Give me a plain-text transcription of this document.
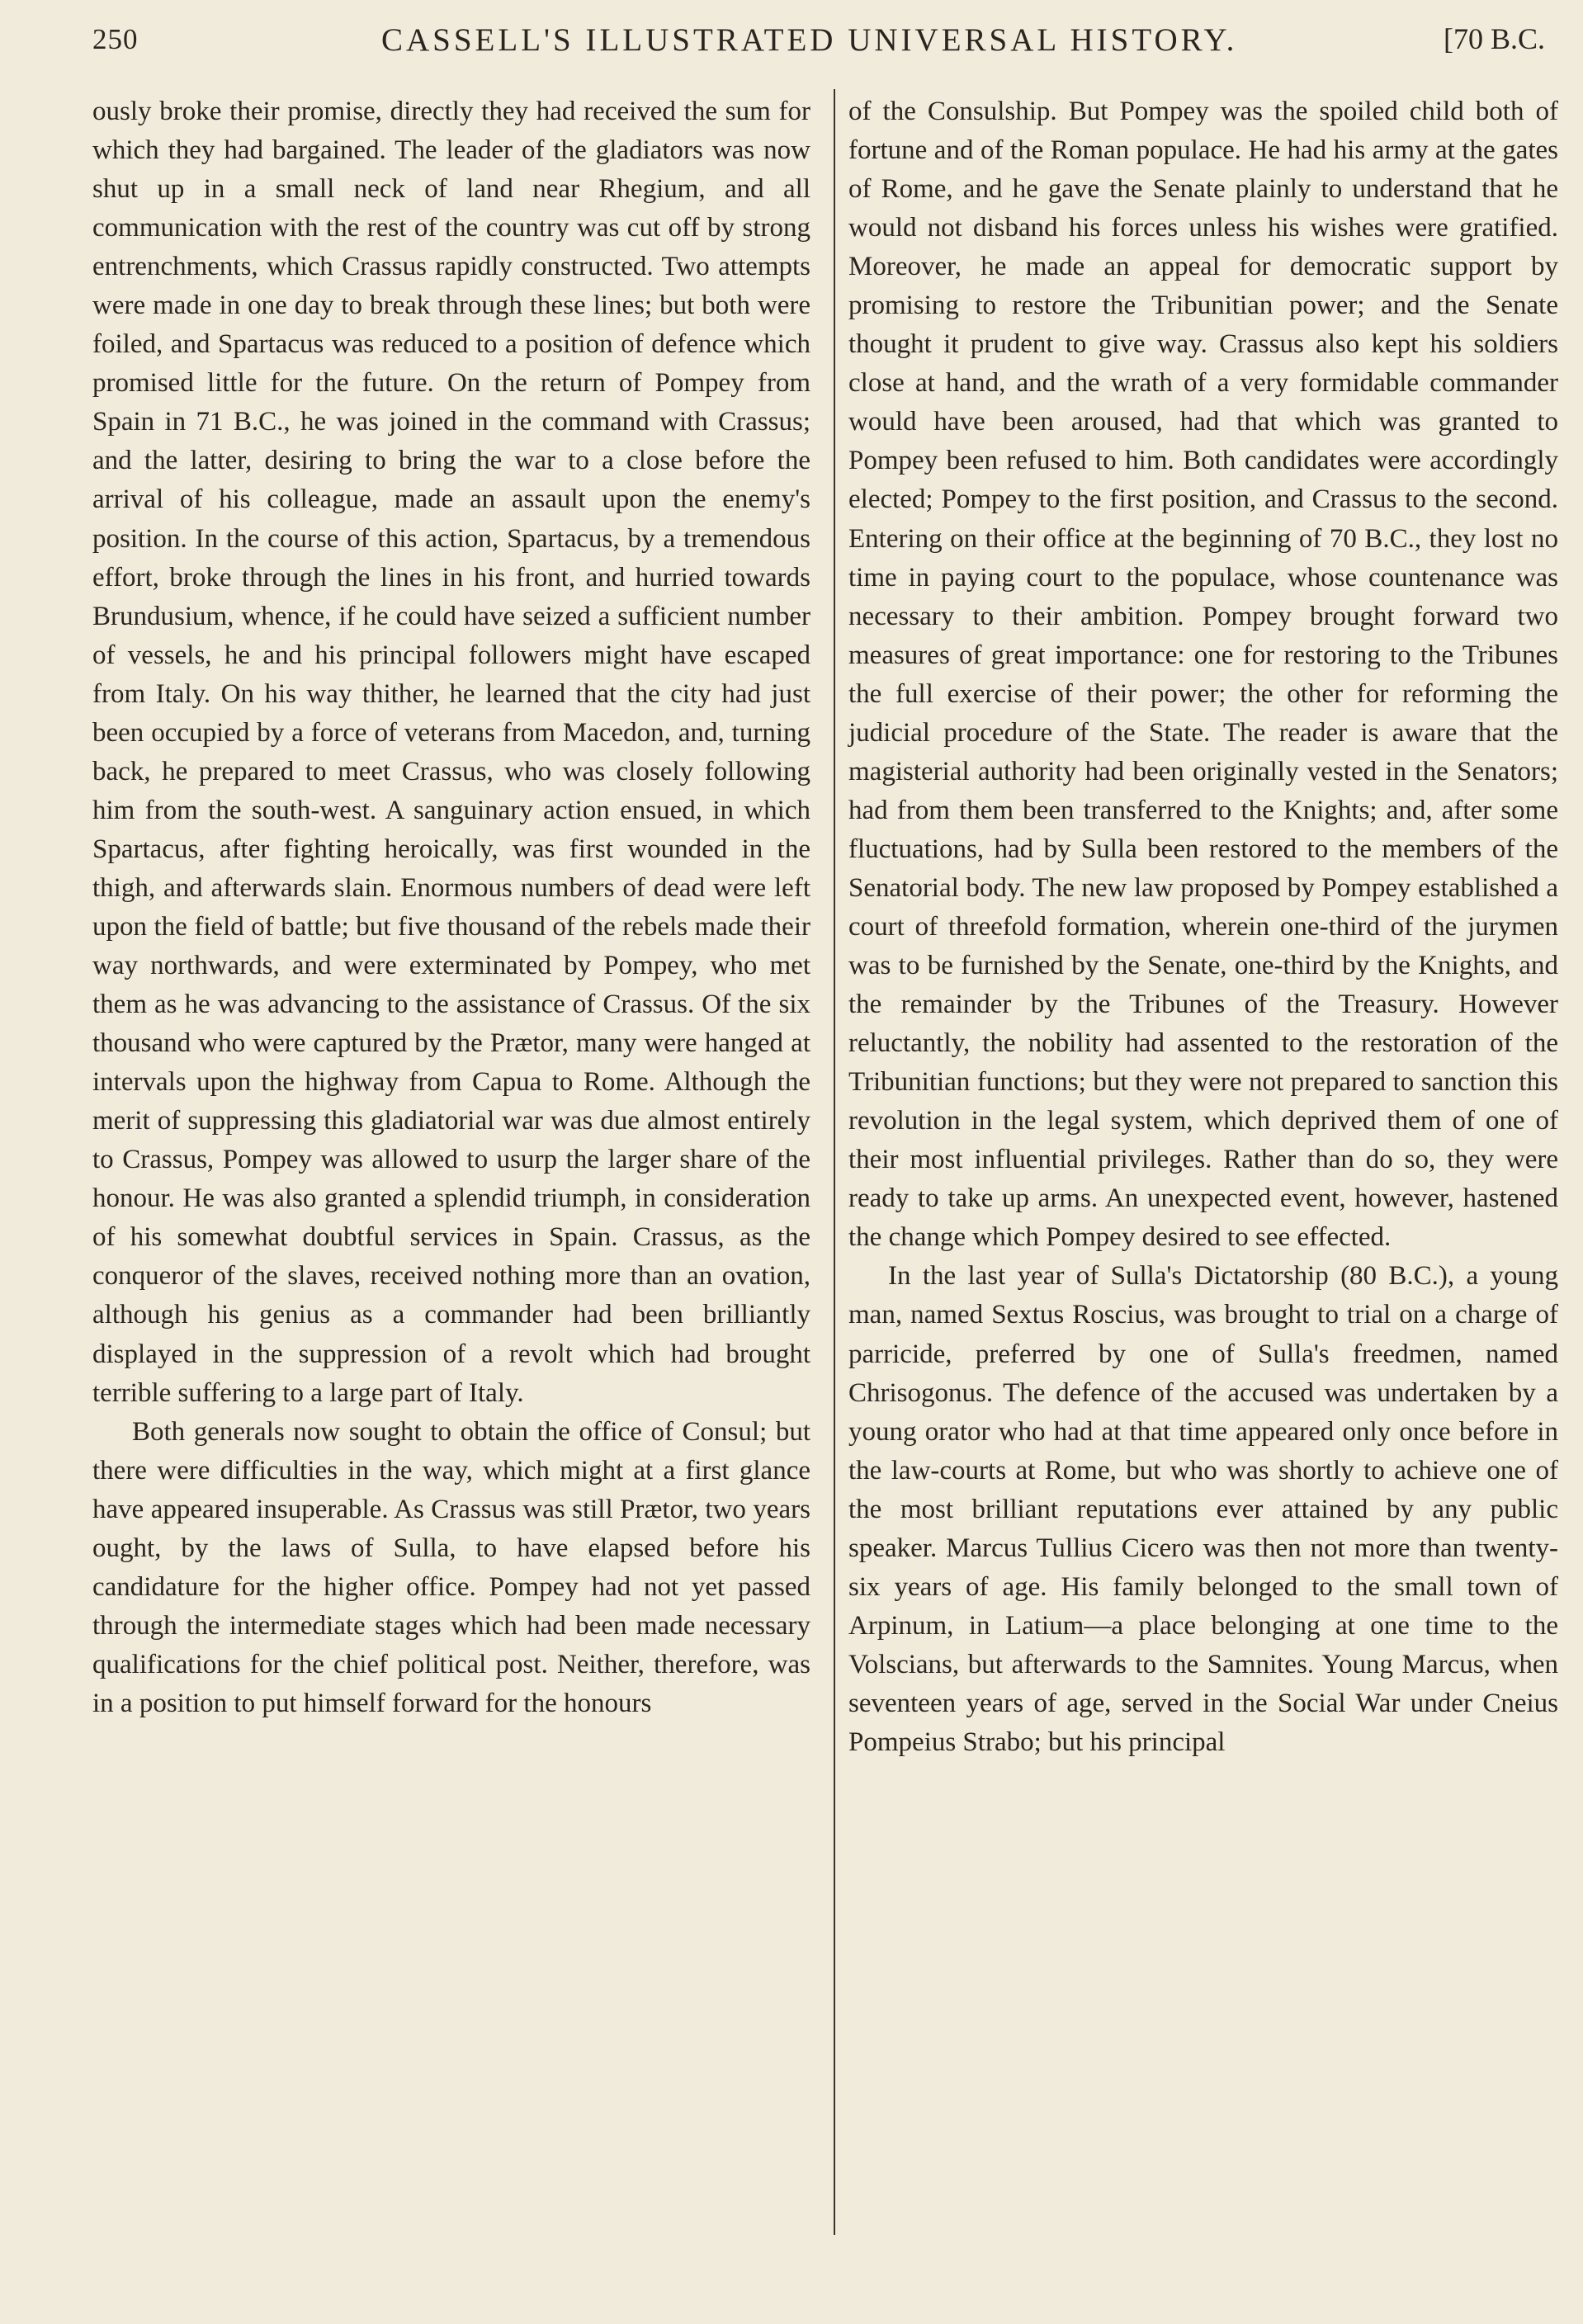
250	CASSELL'S ILLUSTRATED UNIVERSAL HISTORY.	[70 B.C.

ously broke their promise, directly they had received the sum for which they had bargained. The leader of the gladiators was now shut up in a small neck of land near Rhegium, and all communication with the rest of the country was cut off by strong entrenchments, which Crassus rapidly constructed. Two attempts were made in one day to break through these lines; but both were foiled, and Spartacus was reduced to a position of defence which promised little for the future. On the return of Pompey from Spain in 71 B.C., he was joined in the command with Crassus; and the latter, desiring to bring the war to a close before the arrival of his colleague, made an assault upon the enemy's position. In the course of this action, Spartacus, by a tremendous effort, broke through the lines in his front, and hurried towards Brundusium, whence, if he could have seized a sufficient number of vessels, he and his principal followers might have escaped from Italy. On his way thither, he learned that the city had just been occupied by a force of veterans from Macedon, and, turning back, he prepared to meet Crassus, who was closely following him from the south-west. A sanguinary action ensued, in which Spartacus, after fighting heroically, was first wounded in the thigh, and afterwards slain. Enormous numbers of dead were left upon the field of battle; but five thousand of the rebels made their way northwards, and were exterminated by Pompey, who met them as he was advancing to the assistance of Crassus. Of the six thousand who were captured by the Prætor, many were hanged at intervals upon the highway from Capua to Rome. Although the merit of suppressing this gladiatorial war was due almost entirely to Crassus, Pompey was allowed to usurp the larger share of the honour. He was also granted a splendid triumph, in consideration of his somewhat doubtful services in Spain. Crassus, as the conqueror of the slaves, received nothing more than an ovation, although his genius as a commander had been brilliantly displayed in the suppression of a revolt which had brought terrible suffering to a large part of Italy.

Both generals now sought to obtain the office of Consul; but there were difficulties in the way, which might at a first glance have appeared insuperable. As Crassus was still Prætor, two years ought, by the laws of Sulla, to have elapsed before his candidature for the higher office. Pompey had not yet passed through the intermediate stages which had been made necessary qualifications for the chief political post. Neither, therefore, was in a position to put himself forward for the honours

of the Consulship. But Pompey was the spoiled child both of fortune and of the Roman populace. He had his army at the gates of Rome, and he gave the Senate plainly to understand that he would not disband his forces unless his wishes were gratified. Moreover, he made an appeal for democratic support by promising to restore the Tribunitian power; and the Senate thought it prudent to give way. Crassus also kept his soldiers close at hand, and the wrath of a very formidable commander would have been aroused, had that which was granted to Pompey been refused to him. Both candidates were accordingly elected; Pompey to the first position, and Crassus to the second. Entering on their office at the beginning of 70 B.C., they lost no time in paying court to the populace, whose countenance was necessary to their ambition. Pompey brought forward two measures of great importance: one for restoring to the Tribunes the full exercise of their power; the other for reforming the judicial procedure of the State. The reader is aware that the magisterial authority had been originally vested in the Senators; had from them been transferred to the Knights; and, after some fluctuations, had by Sulla been restored to the members of the Senatorial body. The new law proposed by Pompey established a court of threefold formation, wherein one-third of the jurymen was to be furnished by the Senate, one-third by the Knights, and the remainder by the Tribunes of the Treasury. However reluctantly, the nobility had assented to the restoration of the Tribunitian functions; but they were not prepared to sanction this revolution in the legal system, which deprived them of one of their most influential privileges. Rather than do so, they were ready to take up arms. An unexpected event, however, hastened the change which Pompey desired to see effected.

In the last year of Sulla's Dictatorship (80 B.C.), a young man, named Sextus Roscius, was brought to trial on a charge of parricide, preferred by one of Sulla's freedmen, named Chrisogonus. The defence of the accused was undertaken by a young orator who had at that time appeared only once before in the law-courts at Rome, but who was shortly to achieve one of the most brilliant reputations ever attained by any public speaker. Marcus Tullius Cicero was then not more than twenty-six years of age. His family belonged to the small town of Arpinum, in Latium—a place belonging at one time to the Volscians, but afterwards to the Samnites. Young Marcus, when seventeen years of age, served in the Social War under Cneius Pompeius Strabo; but his principal
